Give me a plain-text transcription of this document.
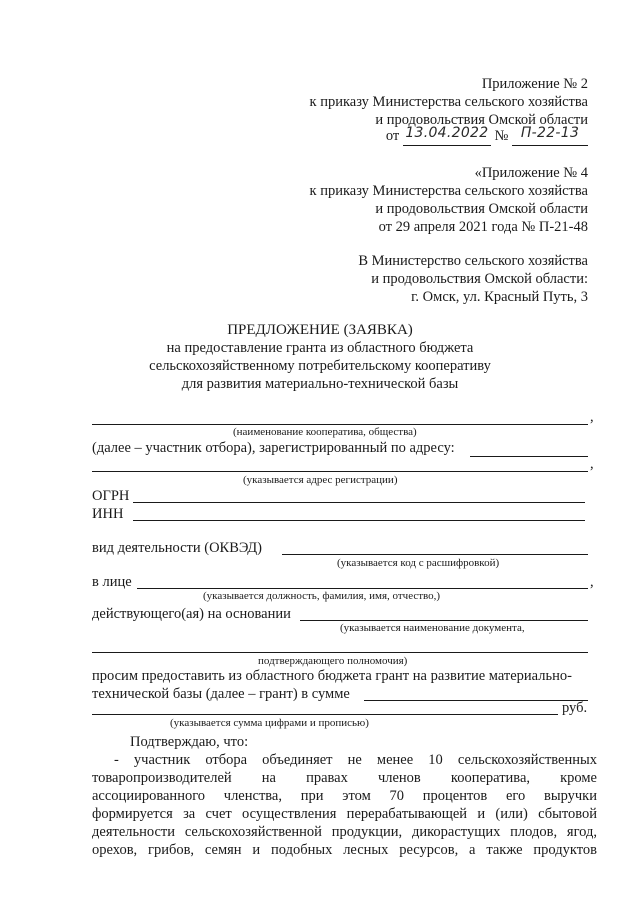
Приложение № 2
к приказу Министерства сельского хозяйства
и продовольствия Омской области
от 13.04.2022 № П-22-13
«Приложение № 4
к приказу Министерства сельского хозяйства
и продовольствия Омской области
от 29 апреля 2021 года № П-21-48
В Министерство сельского хозяйства
и продовольствия Омской области:
г. Омск, ул. Красный Путь, 3
ПРЕДЛОЖЕНИЕ (ЗАЯВКА)
на предоставление гранта из областного бюджета
сельскохозяйственному потребительскому кооперативу
для развития материально-технической базы
,
(наименование кооператива, общества)
(далее – участник отбора), зарегистрированный по адресу:
,
(указывается адрес регистрации)
ОГРН
ИНН
вид деятельности (ОКВЭД)
(указывается код с расшифровкой)
в лице	,
(указывается должность, фамилия, имя, отчество,)
действующего(ая) на основании
(указывается наименование документа,
подтверждающего полномочия)
просим предоставить из областного бюджета грант на развитие материально-
технической базы (далее – грант) в сумме
руб.
(указывается сумма цифрами и прописью)
Подтверждаю, что:
- участник отбора объединяет не менее 10 сельскохозяйственных
товаропроизводителей на правах членов кооператива, кроме
ассоциированного членства, при этом 70 процентов его выручки
формируется за счет осуществления перерабатывающей и (или) сбытовой
деятельности сельскохозяйственной продукции, дикорастущих плодов, ягод,
орехов, грибов, семян и подобных лесных ресурсов, а также продуктов
